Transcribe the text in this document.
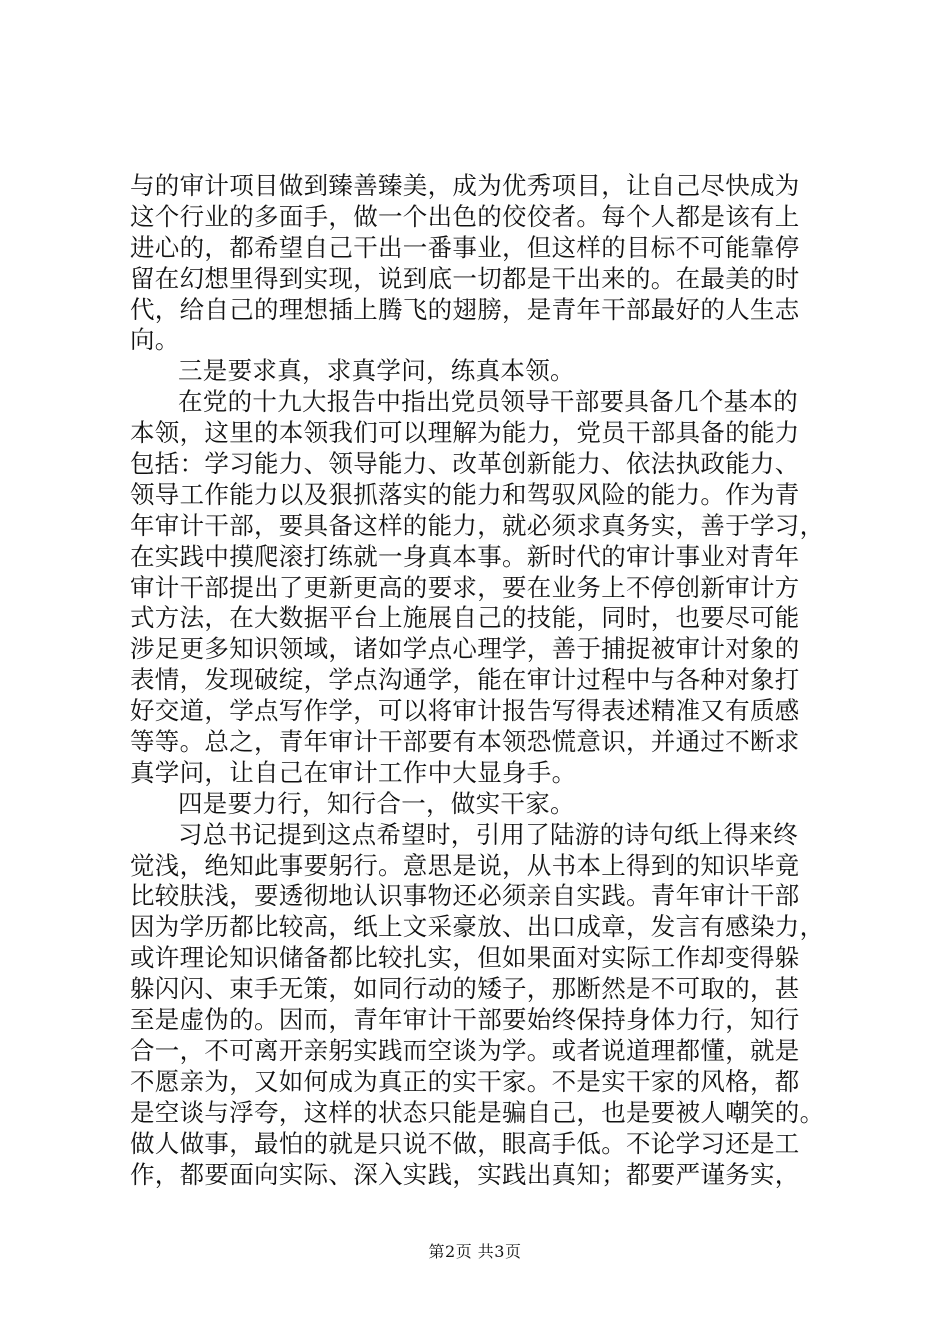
与的审计项目做到臻善臻美，成为优秀项目，让自己尽快成为
这个行业的多面手，做一个出色的佼佼者。每个人都是该有上
进心的，都希望自己干出一番事业，但这样的目标不可能靠停
留在幻想里得到实现，说到底一切都是干出来的。在最美的时
代，给自己的理想插上腾飞的翅膀，是青年干部最好的人生志
向。
三是要求真，求真学问，练真本领。
在党的十九大报告中指出党员领导干部要具备几个基本的
本领，这里的本领我们可以理解为能力，党员干部具备的能力
包括：学习能力、领导能力、改革创新能力、依法执政能力、
领导工作能力以及狠抓落实的能力和驾驭风险的能力。作为青
年审计干部，要具备这样的能力，就必须求真务实，善于学习，
在实践中摸爬滚打练就一身真本事。新时代的审计事业对青年
审计干部提出了更新更高的要求，要在业务上不停创新审计方
式方法，在大数据平台上施展自己的技能，同时，也要尽可能
涉足更多知识领域，诸如学点心理学，善于捕捉被审计对象的
表情，发现破绽，学点沟通学，能在审计过程中与各种对象打
好交道，学点写作学，可以将审计报告写得表述精准又有质感
等等。总之，青年审计干部要有本领恐慌意识，并通过不断求
真学问，让自己在审计工作中大显身手。
四是要力行，知行合一，做实干家。
习总书记提到这点希望时，引用了陆游的诗句纸上得来终
觉浅，绝知此事要躬行。意思是说，从书本上得到的知识毕竟
比较肤浅，要透彻地认识事物还必须亲自实践。青年审计干部
因为学历都比较高，纸上文采豪放、出口成章，发言有感染力，
或许理论知识储备都比较扎实，但如果面对实际工作却变得躲
躲闪闪、束手无策，如同行动的矮子，那断然是不可取的，甚
至是虚伪的。因而，青年审计干部要始终保持身体力行，知行
合一，不可离开亲躬实践而空谈为学。或者说道理都懂，就是
不愿亲为，又如何成为真正的实干家。不是实干家的风格，都
是空谈与浮夸，这样的状态只能是骗自己，也是要被人嘲笑的。
做人做事，最怕的就是只说不做，眼高手低。不论学习还是工
作，都要面向实际、深入实践，实践出真知；都要严谨务实，
第2页 共3页
